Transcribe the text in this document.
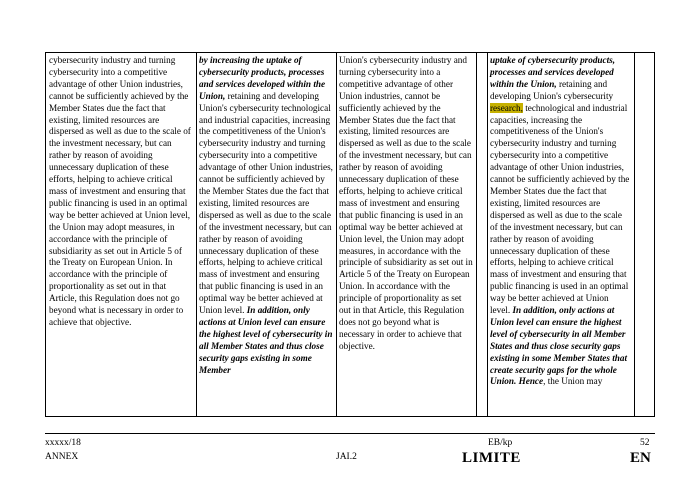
cybersecurity industry and turning cybersecurity into a competitive advantage of other Union industries, cannot be sufficiently achieved by the Member States due the fact that existing, limited resources are dispersed as well as due to the scale of the investment necessary, but can rather by reason of avoiding unnecessary duplication of these efforts, helping to achieve critical mass of investment and ensuring that public financing is used in an optimal way be better achieved at Union level, the Union may adopt measures, in accordance with the principle of subsidiarity as set out in Article 5 of the Treaty on European Union. In accordance with the principle of proportionality as set out in that Article, this Regulation does not go beyond what is necessary in order to achieve that objective.
by increasing the uptake of cybersecurity products, processes and services developed within the Union, retaining and developing Union's cybersecurity technological and industrial capacities, increasing the competitiveness of the Union's cybersecurity industry and turning cybersecurity into a competitive advantage of other Union industries, cannot be sufficiently achieved by the Member States due the fact that existing, limited resources are dispersed as well as due to the scale of the investment necessary, but can rather by reason of avoiding unnecessary duplication of these efforts, helping to achieve critical mass of investment and ensuring that public financing is used in an optimal way be better achieved at Union level. In addition, only actions at Union level can ensure the highest level of cybersecurity in all Member States and thus close security gaps existing in some Member
Union's cybersecurity industry and turning cybersecurity into a competitive advantage of other Union industries, cannot be sufficiently achieved by the Member States due the fact that existing, limited resources are dispersed as well as due to the scale of the investment necessary, but can rather by reason of avoiding unnecessary duplication of these efforts, helping to achieve critical mass of investment and ensuring that public financing is used in an optimal way be better achieved at Union level, the Union may adopt measures, in accordance with the principle of subsidiarity as set out in Article 5 of the Treaty on European Union. In accordance with the principle of proportionality as set out in that Article, this Regulation does not go beyond what is necessary in order to achieve that objective.
uptake of cybersecurity products, processes and services developed within the Union, retaining and developing Union's cybersecurity research, technological and industrial capacities, increasing the competitiveness of the Union's cybersecurity industry and turning cybersecurity into a competitive advantage of other Union industries, cannot be sufficiently achieved by the Member States due the fact that existing, limited resources are dispersed as well as due to the scale of the investment necessary, but can rather by reason of avoiding unnecessary duplication of these efforts, helping to achieve critical mass of investment and ensuring that public financing is used in an optimal way be better achieved at Union level. In addition, only actions at Union level can ensure the highest level of cybersecurity in all Member States and thus close security gaps existing in some Member States that create security gaps for the whole Union. Hence, the Union may
xxxxx/18
ANNEX	JAI.2
EB/kp
LIMITE
52
EN
